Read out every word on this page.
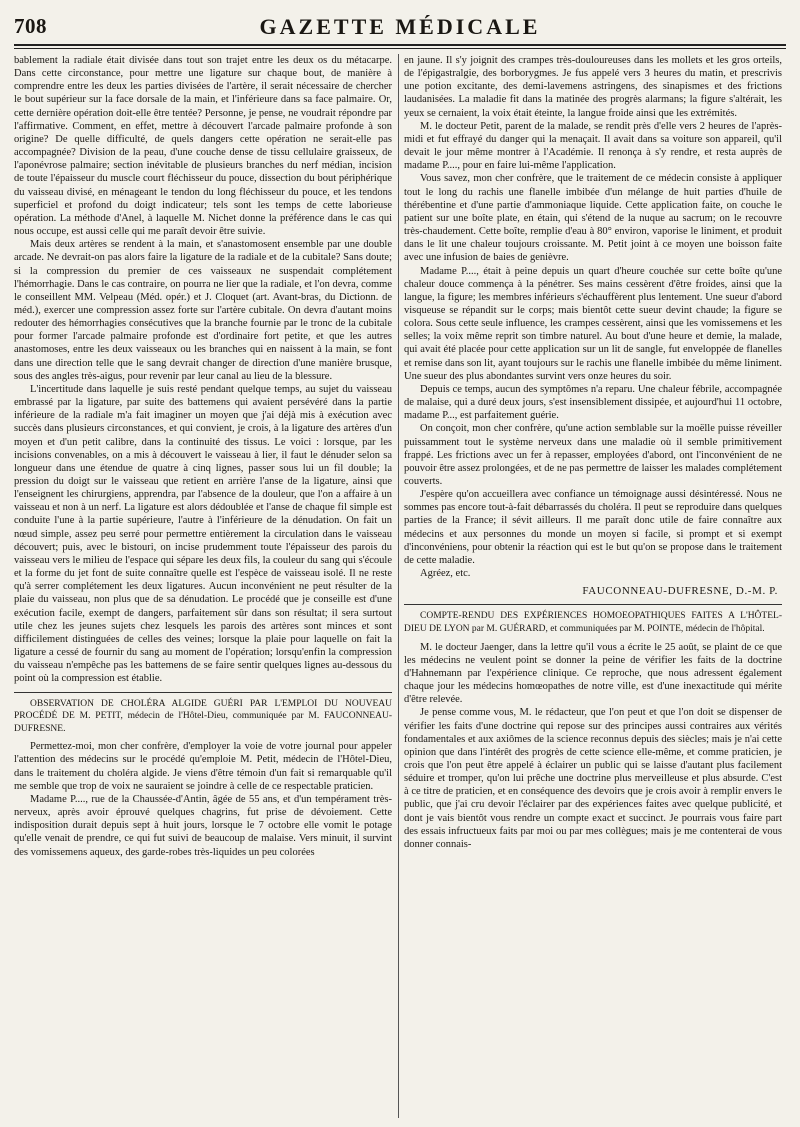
708	GAZETTE MÉDICALE

bablement la radiale était divisée dans tout son trajet entre les deux os du métacarpe. Dans cette circonstance, pour mettre une ligature sur chaque bout, de manière à comprendre entre les deux les parties divisées de l'artère, il serait nécessaire de chercher le bout supérieur sur la face dorsale de la main, et l'inférieure dans sa face palmaire. Or, cette dernière opération doit-elle être tentée? Personne, je pense, ne voudrait répondre par l'affirmative. Comment, en effet, mettre à découvert l'arcade palmaire profonde à son origine? De quelle difficulté, de quels dangers cette opération ne serait-elle pas accompagnée? Division de la peau, d'une couche dense de tissu cellulaire graisseux, de l'aponévrose palmaire; section inévitable de plusieurs branches du nerf médian, incision de toute l'épaisseur du muscle court fléchisseur du pouce, dissection du bout périphérique du vaisseau divisé, en ménageant le tendon du long fléchisseur du pouce, et les tendons superficiel et profond du doigt indicateur; tels sont les temps de cette laborieuse opération. La méthode d'Anel, à laquelle M. Nichet donne la préférence dans le cas qui nous occupe, est aussi celle qui me paraît devoir être suivie.

Mais deux artères se rendent à la main, et s'anastomosent ensemble par une double arcade. Ne devrait-on pas alors faire la ligature de la radiale et de la cubitale? Sans doute; si la compression du premier de ces vaisseaux ne suspendait complétement l'hémorrhagie. Dans le cas contraire, on pourra ne lier que la radiale, et l'on devra, comme le conseillent MM. Velpeau (Méd. opér.) et J. Cloquet (art. Avant-bras, du Dictionn. de méd.), exercer une compression assez forte sur l'artère cubitale. On devra d'autant moins redouter des hémorrhagies consécutives que la branche fournie par le tronc de la cubitale pour former l'arcade palmaire profonde est d'ordinaire fort petite, et que les autres anastomoses, entre les deux vaisseaux ou les branches qui en naissent à la main, se font dans une direction telle que le sang devrait changer de direction d'une manière brusque, sous des angles très-aigus, pour revenir par leur canal au lieu de la blessure.

L'incertitude dans laquelle je suis resté pendant quelque temps, au sujet du vaisseau embrassé par la ligature, par suite des battemens qui avaient persévéré dans la partie inférieure de la radiale m'a fait imaginer un moyen que j'ai déjà mis à exécution avec succès dans plusieurs circonstances, et qui convient, je crois, à la ligature des artères d'un moyen et d'un petit calibre, dans la continuité des tissus. Le voici : lorsque, par les incisions convenables, on a mis à découvert le vaisseau à lier, il faut le dénuder selon sa longueur dans une étendue de quatre à cinq lignes, passer sous lui un fil double; la pression du doigt sur le vaisseau que retient en arrière l'anse de la ligature, ainsi que l'enseignent les chirurgiens, apprendra, par l'absence de la douleur, que l'on a affaire à un vaisseau et non à un nerf. La ligature est alors dédoublée et l'anse de chaque fil simple est conduite l'une à la partie supérieure, l'autre à l'inférieure de la dénudation. On fait un nœud simple, assez peu serré pour permettre entièrement la circulation dans le vaisseau découvert; puis, avec le bistouri, on incise prudemment toute l'épaisseur des parois du vaisseau vers le milieu de l'espace qui sépare les deux fils, la couleur du sang qui s'écoule et la forme du jet font de suite connaître quelle est l'espèce de vaisseau isolé. Il ne reste qu'à serrer complétement les deux ligatures. Aucun inconvénient ne peut résulter de la plaie du vaisseau, non plus que de sa dénudation. Le procédé que je conseille est d'une exécution facile, exempt de dangers, parfaitement sûr dans son résultat; il sera surtout utile chez les jeunes sujets chez lesquels les parois des artères sont minces et sont difficilement distinguées de celles des veines; lorsque la plaie pour laquelle on fait la ligature a cessé de fournir du sang au moment de l'opération; lorsqu'enfin la compression du vaisseau n'empêche pas les battemens de se faire sentir quelques lignes au-dessous du point où la compression est établie.

OBSERVATION DE CHOLÉRA ALGIDE GUÉRI PAR L'EMPLOI DU NOUVEAU PROCÉDÉ DE M. PETIT, médecin de l'Hôtel-Dieu, communiquée par M. FAUCONNEAU-DUFRESNE.

Permettez-moi, mon cher confrère, d'employer la voie de votre journal pour appeler l'attention des médecins sur le procédé qu'emploie M. Petit, médecin de l'Hôtel-Dieu, dans le traitement du choléra algide. Je viens d'être témoin d'un fait si remarquable qu'il me semble que trop de voix ne sauraient se joindre à celle de ce respectable praticien.

Madame P...., rue de la Chaussée-d'Antin, âgée de 55 ans, et d'un tempérament très-nerveux, après avoir éprouvé quelques chagrins, fut prise de dévoiement. Cette indisposition durait depuis sept à huit jours, lorsque le 7 octobre elle vomit le potage qu'elle venait de prendre, ce qui fut suivi de beaucoup de malaise. Vers minuit, il survint des vomissemens aqueux, des garde-robes très-liquides un peu colorées

en jaune. Il s'y joignit des crampes très-douloureuses dans les mollets et les gros orteils, de l'épigastralgie, des borborygmes. Je fus appelé vers 3 heures du matin, et prescrivis une potion excitante, des demi-lavemens astringens, des sinapismes et des frictions laudanisées. La maladie fit dans la matinée des progrès alarmans; la figure s'altérait, les yeux se cernaient, la voix était éteinte, la langue froide ainsi que les extrémités.

M. le docteur Petit, parent de la malade, se rendit près d'elle vers 2 heures de l'après-midi et fut effrayé du danger qui la menaçait. Il avait dans sa voiture son appareil, qu'il devait le jour même montrer à l'Académie. Il renonça à s'y rendre, et resta auprès de madame P...., pour en faire lui-même l'application.

Vous savez, mon cher confrère, que le traitement de ce médecin consiste à appliquer tout le long du rachis une flanelle imbibée d'un mélange de huit parties d'huile de thérébentine et d'une partie d'ammoniaque liquide. Cette application faite, on couche le patient sur une boîte plate, en étain, qui s'étend de la nuque au sacrum; on le recouvre très-chaudement. Cette boîte, remplie d'eau à 80° environ, vaporise le liniment, et produit dans le lit une chaleur toujours croissante. M. Petit joint à ce moyen une boisson faite avec une infusion de baies de genièvre.

Madame P...., était à peine depuis un quart d'heure couchée sur cette boîte qu'une chaleur douce commença à la pénétrer. Ses mains cessèrent d'être froides, ainsi que la langue, la figure; les membres inférieurs s'échauffèrent plus lentement. Une sueur d'abord visqueuse se répandit sur le corps; mais bientôt cette sueur devint chaude; la figure se colora. Sous cette seule influence, les crampes cessèrent, ainsi que les vomissemens et les selles; la voix même reprit son timbre naturel. Au bout d'une heure et demie, la malade, qui avait été placée pour cette application sur un lit de sangle, fut enveloppée de flanelles et remise dans son lit, ayant toujours sur le rachis une flanelle imbibée du même liniment. Une sueur des plus abondantes survint vers onze heures du soir.

Depuis ce temps, aucun des symptômes n'a reparu. Une chaleur fébrile, accompagnée de malaise, qui a duré deux jours, s'est insensiblement dissipée, et aujourd'hui 11 octobre, madame P..., est parfaitement guérie.

On conçoit, mon cher confrère, qu'une action semblable sur la moëlle puisse réveiller puissamment tout le système nerveux dans une maladie où il semble primitivement frappé. Les frictions avec un fer à repasser, employées d'abord, ont l'inconvénient de ne pouvoir être assez prolongées, et de ne pas permettre de laisser les malades complétement couverts.

J'espère qu'on accueillera avec confiance un témoignage aussi désintéressé. Nous ne sommes pas encore tout-à-fait débarrassés du choléra. Il peut se reproduire dans quelques parties de la France; il sévit ailleurs. Il me paraît donc utile de faire connaître aux médecins et aux personnes du monde un moyen si facile, si prompt et si exempt d'inconvéniens, pour obtenir la réaction qui est le but qu'on se propose dans le traitement de cette maladie.

Agréez, etc.

FAUCONNEAU-DUFRESNE, D.-M. P.

COMPTE-RENDU DES EXPÉRIENCES HOMOEOPATHIQUES FAITES A L'HÔTEL-DIEU DE LYON par M. GUÉRARD, et communiquées par M. POINTE, médecin de l'hôpital.

M. le docteur Jaenger, dans la lettre qu'il vous a écrite le 25 août, se plaint de ce que les médecins ne veulent point se donner la peine de vérifier les faits de la doctrine d'Hahnemann par l'expérience clinique. Ce reproche, que nous adressent également chaque jour les médecins homœopathes de notre ville, est d'une inexactitude qui mérite d'être relevée.

Je pense comme vous, M. le rédacteur, que l'on peut et que l'on doit se dispenser de vérifier les faits d'une doctrine qui repose sur des principes aussi contraires aux vérités fondamentales et aux axiômes de la science reconnus depuis des siècles; mais je n'ai cette opinion que dans l'intérêt des progrès de cette science elle-même, et comme praticien, je crois que l'on peut être appelé à éclairer un public qui se laisse d'autant plus facilement séduire et tromper, qu'on lui prêche une doctrine plus merveilleuse et plus absurde. C'est à ce titre de praticien, et en conséquence des devoirs que je crois avoir à remplir envers le public, que j'ai cru devoir l'éclairer par des expériences faites avec quelque publicité, et dont je vais bientôt vous rendre un compte exact et succinct. Je pourrais vous faire part des essais infructueux faits par moi ou par mes collègues; mais je me contenterai de vous donner connais-
